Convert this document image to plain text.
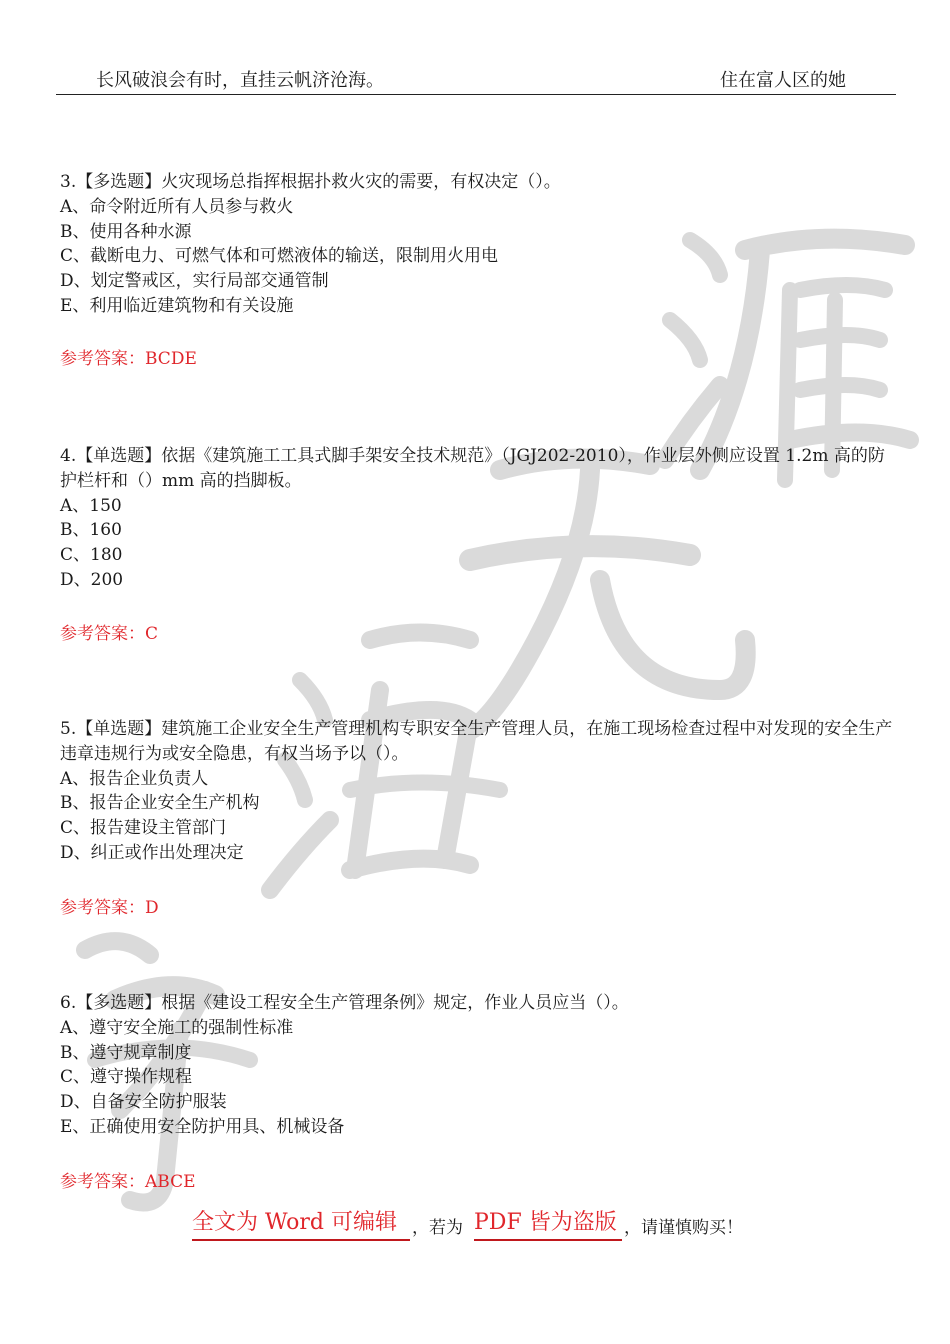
长风破浪会有时，直挂云帆济沧海。	住在富人区的她
3.【多选题】火灾现场总指挥根据扑救火灾的需要，有权决定（）。
A、命令附近所有人员参与救火
B、使用各种水源
C、截断电力、可燃气体和可燃液体的输送，限制用火用电
D、划定警戒区，实行局部交通管制
E、利用临近建筑物和有关设施
参考答案：BCDE
4.【单选题】依据《建筑施工工具式脚手架安全技术规范》（JGJ202-2010），作业层外侧应设置 1.2m 高的防护栏杆和（）mm 高的挡脚板。
A、150
B、160
C、180
D、200
参考答案：C
5.【单选题】建筑施工企业安全生产管理机构专职安全生产管理人员，在施工现场检查过程中对发现的安全生产违章违规行为或安全隐患，有权当场予以（）。
A、报告企业负责人
B、报告企业安全生产机构
C、报告建设主管部门
D、纠正或作出处理决定
参考答案：D
6.【多选题】根据《建设工程安全生产管理条例》规定，作业人员应当（）。
A、遵守安全施工的强制性标准
B、遵守规章制度
C、遵守操作规程
D、自备安全防护服装
E、正确使用安全防护用具、机械设备
参考答案：ABCE
全文为 Word 可编辑 ，若为 PDF 皆为盗版 ，请谨慎购买！
